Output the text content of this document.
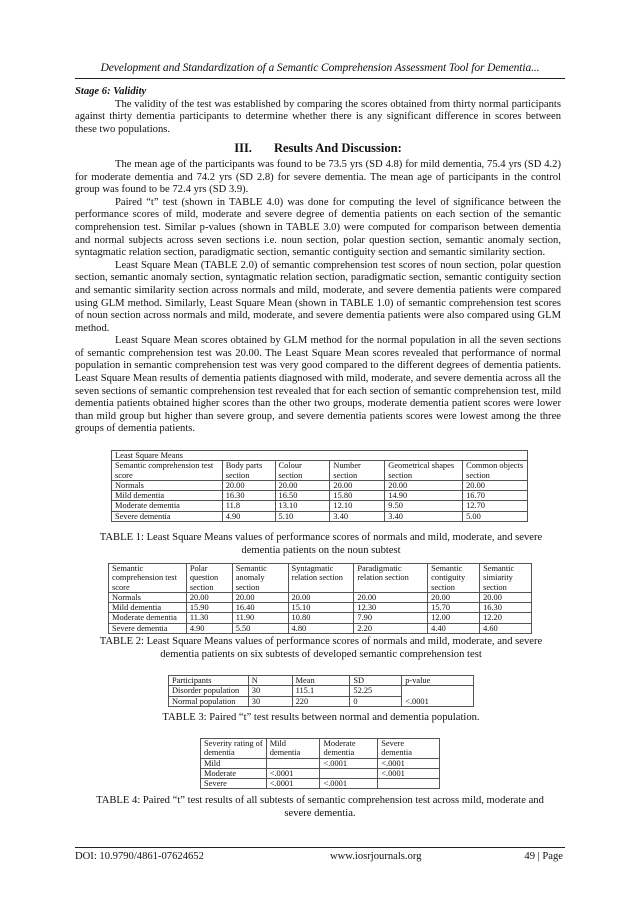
Development and Standardization of a Semantic Comprehension Assessment Tool for Dementia...

Stage 6: Validity

The validity of the test was established by comparing the scores obtained from thirty normal participants against thirty dementia participants to determine whether there is any significant difference in scores between these two populations.

III. Results And Discussion:

The mean age of the participants was found to be 73.5 yrs (SD 4.8) for mild dementia, 75.4 yrs (SD 4.2) for moderate dementia and 74.2 yrs (SD 2.8) for severe dementia. The mean age of participants in the control group was found to be 72.4 yrs (SD 3.9).

Paired “t” test (shown in TABLE 4.0) was done for computing the level of significance between the performance scores of mild, moderate and severe degree of dementia patients on each section of the semantic comprehension test. Similar p-values (shown in TABLE 3.0) were computed for comparison between dementia and normal subjects across seven sections i.e. noun section, polar question section, semantic anomaly section, syntagmatic relation section, paradigmatic section, semantic contiguity section and semantic similarity section.

Least Square Mean (TABLE 2.0) of semantic comprehension test scores of noun section, polar question section, semantic anomaly section, syntagmatic relation section, paradigmatic section, semantic contiguity section and semantic similarity section across normals and mild, moderate, and severe dementia patients were compared using GLM method. Similarly, Least Square Mean (shown in TABLE 1.0) of semantic comprehension test scores of noun section across normals and mild, moderate, and severe dementia patients were also compared using GLM method.

Least Square Mean scores obtained by GLM method for the normal population in all the seven sections of semantic comprehension test was 20.00. The Least Square Mean scores revealed that performance of normal population in semantic comprehension test was very good compared to the different degrees of dementia patients. Least Square Mean results of dementia patients diagnosed with mild, moderate, and severe dementia across all the seven sections of semantic comprehension test revealed that for each section of semantic comprehension test, mild dementia patients obtained higher scores than the other two groups, moderate dementia patient scores were lower than mild group but higher than severe group, and severe dementia patients scores were lowest among the three groups of dementia patients.

Least Square Means					
Semantic comprehension test score	Body parts section	Colour section	Number section	Geometrical shapes section	Common objects section
Normals	20.00	20.00	20.00	20.00	20.00
Mild dementia	16.30	16.50	15.80	14.90	16.70
Moderate dementia	11.8	13.10	12.10	9.50	12.70
Severe dementia	4.90	5.10	3.40	3.40	5.00
TABLE 1: Least Square Means values of performance scores of normals and mild, moderate, and severe dementia patients on the noun subtest
Semantic comprehension test score	Polar question section	Semantic anomaly section	Syntagmatic relation section	Paradigmatic relation section	Semantic contiguity section	Semantic simiarity section
Normals	20.00	20.00	20.00	20.00	20.00	20.00
Mild dementia	15.90	16.40	15.10	12.30	15.70	16.30
Moderate dementia	11.30	11.90	10.80	7.90	12.00	12.20
Severe dementia	4.90	5.50	4.80	2.20	4.40	4.60
TABLE 2: Least Square Means values of performance scores of normals and mild, moderate, and severe dementia patients on six subtests of developed semantic comprehension test
Participants	N	Mean	SD	p-value
Disorder population	30	115.1	52.25	<.0001
Normal population	30	220	0	
TABLE 3: Paired “t” test results between normal and dementia population.
Severity rating of dementia	Mild dementia	Moderate dementia	Severe dementia
Mild		<.0001	<.0001
Moderate	<.0001		<.0001
Severe	<.0001	<.0001	
TABLE 4: Paired “t” test results of all subtests of semantic comprehension test across mild, moderate and severe dementia.
DOI: 10.9790/4861-07624652	www.iosrjournals.org	49 | Page
